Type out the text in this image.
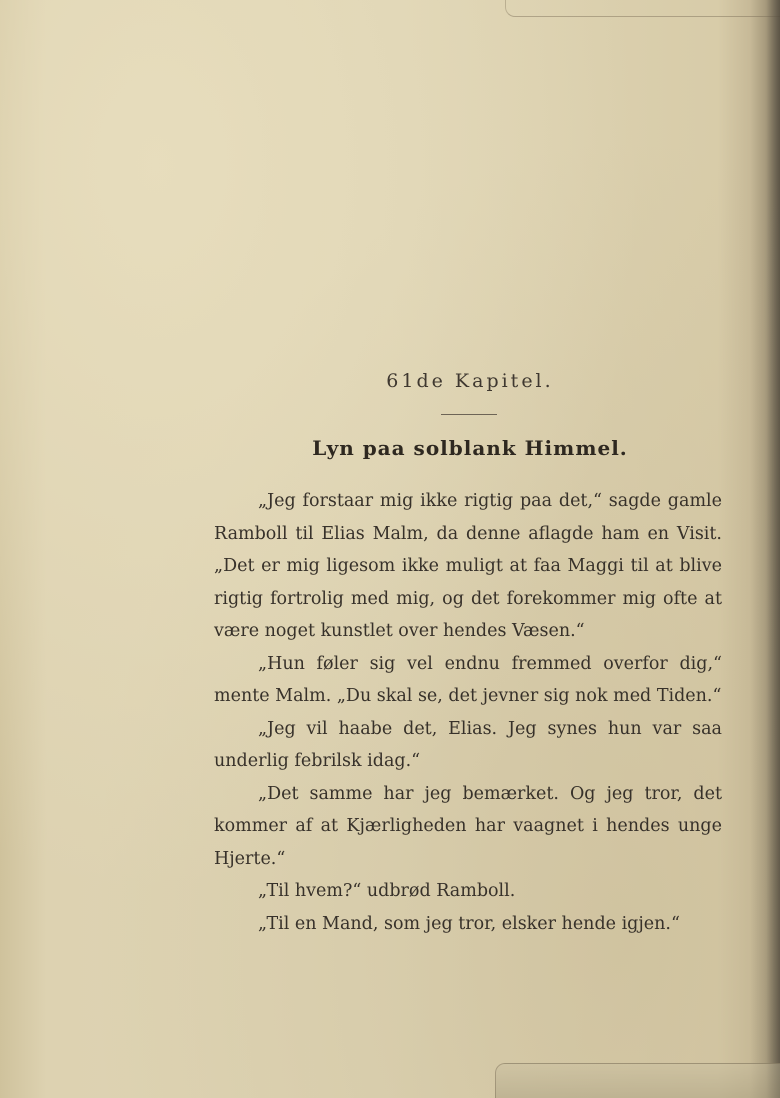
61de Kapitel.
Lyn paa solblank Himmel.

„Jeg forstaar mig ikke rigtig paa det,“ sagde gamle Ramboll til Elias Malm, da denne aflagde ham en Visit. „Det er mig ligesom ikke muligt at faa Maggi til at blive rigtig fortrolig med mig, og det forekommer mig ofte at være noget kunstlet over hendes Væsen.“

„Hun føler sig vel endnu fremmed overfor dig,“ mente Malm. „Du skal se, det jevner sig nok med Tiden.“

„Jeg vil haabe det, Elias. Jeg synes hun var saa underlig febrilsk idag.“

„Det samme har jeg bemærket. Og jeg tror, det kommer af at Kjærligheden har vaagnet i hendes unge Hjerte.“

„Til hvem?“ udbrød Ramboll.

„Til en Mand, som jeg tror, elsker hende igjen.“
